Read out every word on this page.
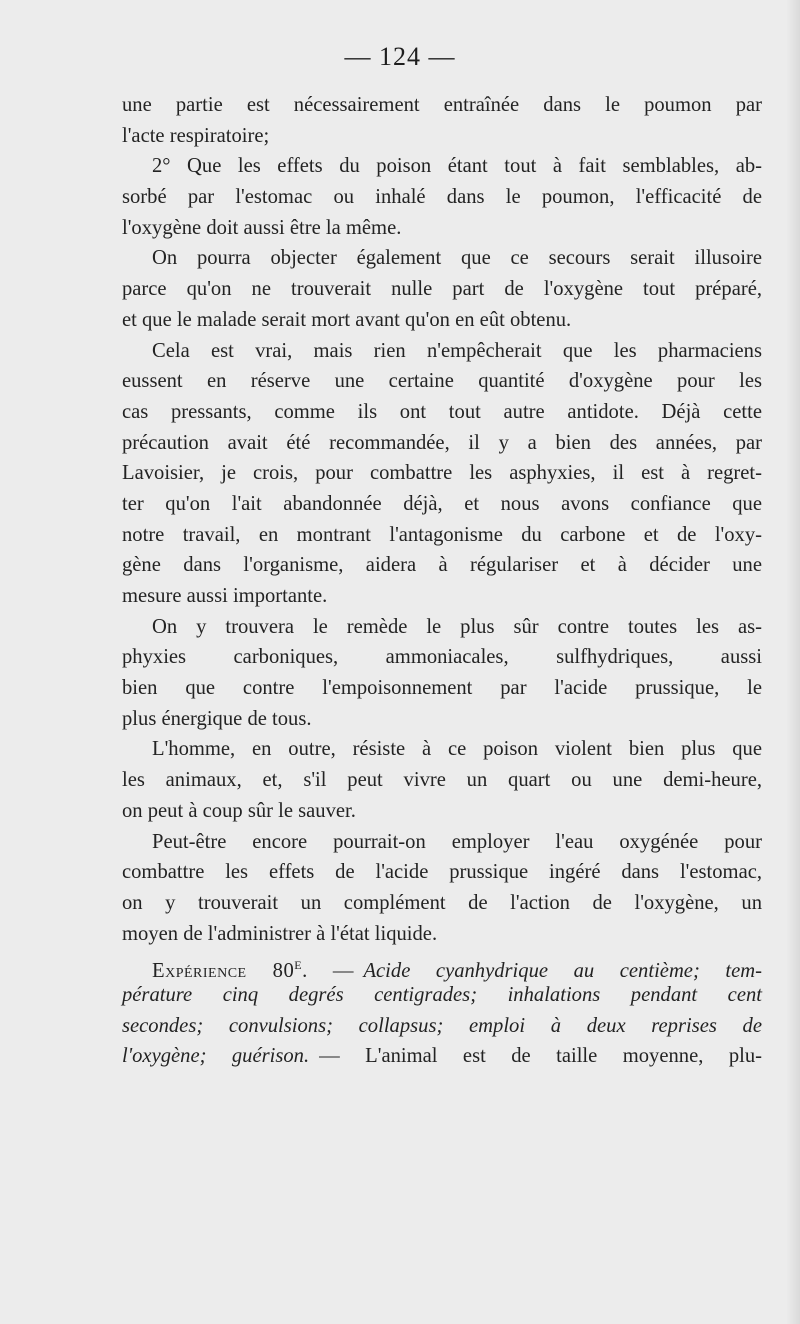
— 124 —
une partie est nécessairement entraînée dans le poumon par
l'acte respiratoire;
2° Que les effets du poison étant tout à fait semblables, ab-
sorbé par l'estomac ou inhalé dans le poumon, l'efficacité de
l'oxygène doit aussi être la même.
On pourra objecter également que ce secours serait illusoire
parce qu'on ne trouverait nulle part de l'oxygène tout préparé,
et que le malade serait mort avant qu'on en eût obtenu.
Cela est vrai, mais rien n'empêcherait que les pharmaciens
eussent en réserve une certaine quantité d'oxygène pour les
cas pressants, comme ils ont tout autre antidote. Déjà cette
précaution avait été recommandée, il y a bien des années, par
Lavoisier, je crois, pour combattre les asphyxies, il est à regret-
ter qu'on l'ait abandonnée déjà, et nous avons confiance que
notre travail, en montrant l'antagonisme du carbone et de l'oxy-
gène dans l'organisme, aidera à régulariser et à décider une
mesure aussi importante.
On y trouvera le remède le plus sûr contre toutes les as-
phyxies carboniques, ammoniacales, sulfhydriques, aussi
bien que contre l'empoisonnement par l'acide prussique, le
plus énergique de tous.
L'homme, en outre, résiste à ce poison violent bien plus que
les animaux, et, s'il peut vivre un quart ou une demi-heure,
on peut à coup sûr le sauver.
Peut-être encore pourrait-on employer l'eau oxygénée pour
combattre les effets de l'acide prussique ingéré dans l'estomac,
on y trouverait un complément de l'action de l'oxygène, un
moyen de l'administrer à l'état liquide.
Expérience 80e. — Acide cyanhydrique au centième; tem-
pérature cinq degrés centigrades; inhalations pendant cent
secondes; convulsions; collapsus; emploi à deux reprises de
l'oxygène; guérison. — L'animal est de taille moyenne, plu-
